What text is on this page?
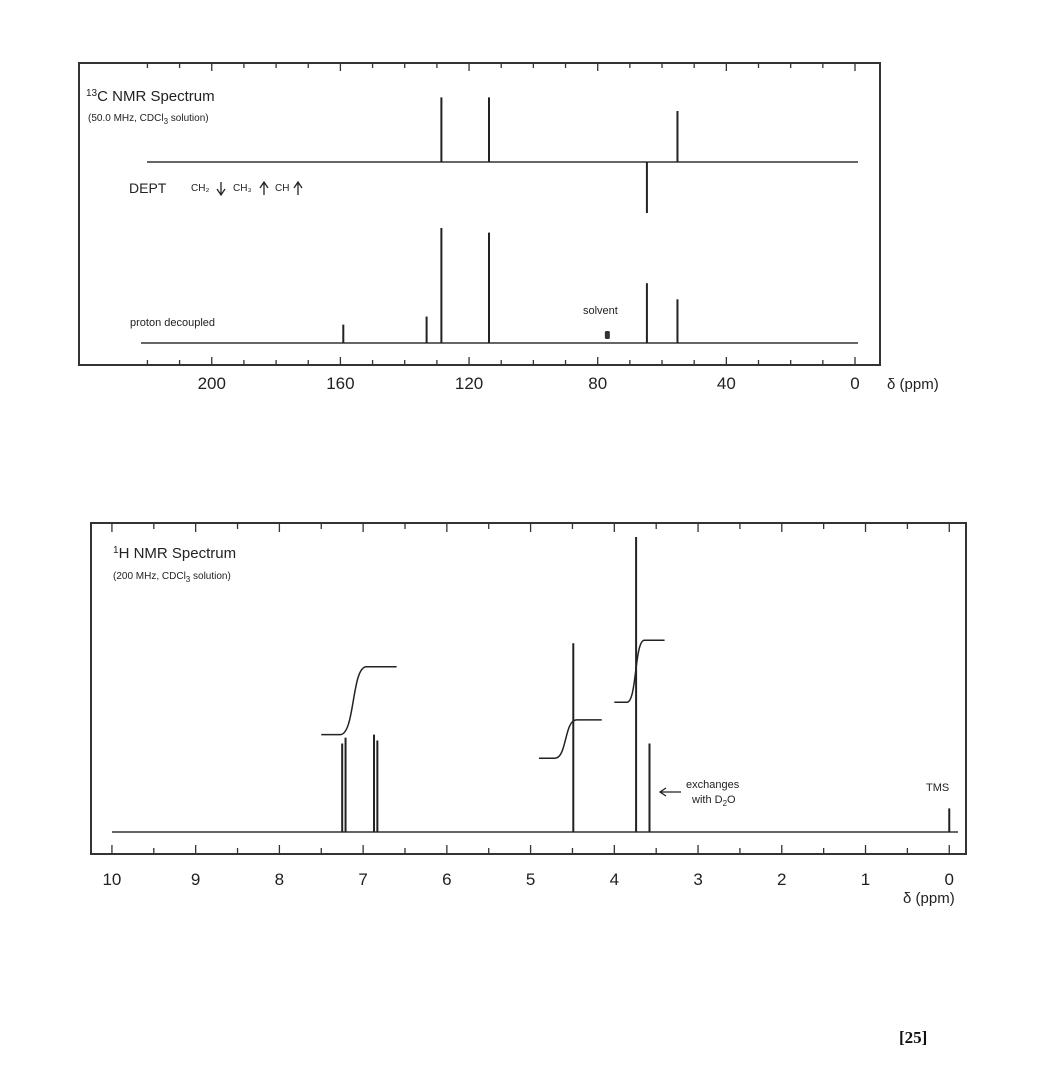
200	160	120	80	40	0
$^{13}$C NMR Spectrum
(50.0 MHz, CDCl$_3$ solution)
DEPT CH₂ CH₃ CH
proton decoupled
solvent
δ (ppm)
10	9	8	7	6	5	4	3	2	1	0
$^1$H NMR Spectrum
(200 MHz, CDCl$_3$ solution)
exchanges
with $D_2O$
TMS
δ (ppm)
[25]
